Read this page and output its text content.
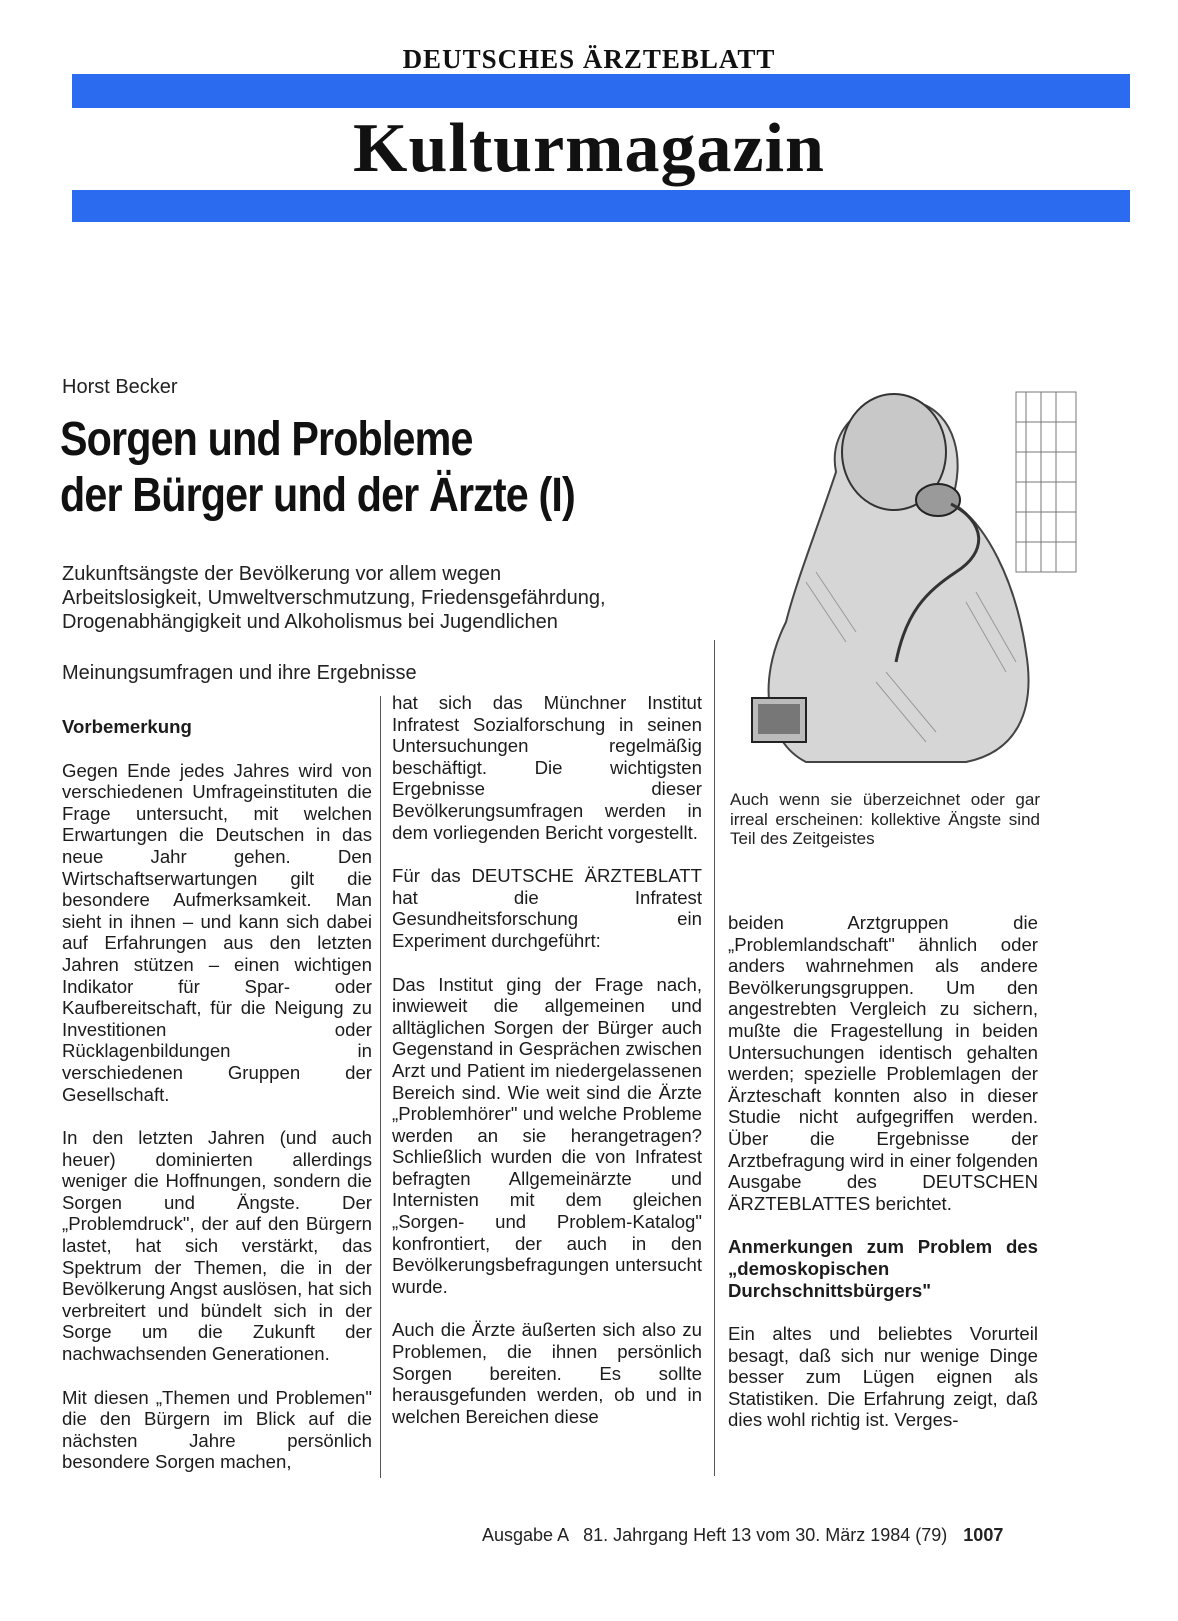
DEUTSCHES ÄRZTEBLATT
Kulturmagazin
Horst Becker
Sorgen und Probleme
der Bürger und der Ärzte (I)
Zukunftsängste der Bevölkerung vor allem wegen
Arbeitslosigkeit, Umweltverschmutzung, Friedensgefährdung,
Drogenabhängigkeit und Alkoholismus bei Jugendlichen
Meinungsumfragen und ihre Ergebnisse
Vorbemerkung

Gegen Ende jedes Jahres wird von verschiedenen Umfrageinstituten die Frage untersucht, mit welchen Erwartungen die Deutschen in das neue Jahr gehen. Den Wirtschaftserwartungen gilt die besondere Aufmerksamkeit. Man sieht in ihnen – und kann sich dabei auf Erfahrungen aus den letzten Jahren stützen – einen wichtigen Indikator für Spar- oder Kaufbereitschaft, für die Neigung zu Investitionen oder Rücklagenbildungen in verschiedenen Gruppen der Gesellschaft.

In den letzten Jahren (und auch heuer) dominierten allerdings weniger die Hoffnungen, sondern die Sorgen und Ängste. Der „Problemdruck", der auf den Bürgern lastet, hat sich verstärkt, das Spektrum der Themen, die in der Bevölkerung Angst auslösen, hat sich verbreitert und bündelt sich in der Sorge um die Zukunft der nachwachsenden Generationen.

Mit diesen „Themen und Problemen" die den Bürgern im Blick auf die nächsten Jahre persönlich besondere Sorgen machen,

hat sich das Münchner Institut Infratest Sozialforschung in seinen Untersuchungen regelmäßig beschäftigt. Die wichtigsten Ergebnisse dieser Bevölkerungsumfragen werden in dem vorliegenden Bericht vorgestellt.

Für das DEUTSCHE ÄRZTEBLATT hat die Infratest Gesundheitsforschung ein Experiment durchgeführt:

Das Institut ging der Frage nach, inwieweit die allgemeinen und alltäglichen Sorgen der Bürger auch Gegenstand in Gesprächen zwischen Arzt und Patient im niedergelassenen Bereich sind. Wie weit sind die Ärzte „Problemhörer" und welche Probleme werden an sie herangetragen? Schließlich wurden die von Infratest befragten Allgemeinärzte und Internisten mit dem gleichen „Sorgen- und Problem-Katalog" konfrontiert, der auch in den Bevölkerungsbefragungen untersucht wurde.

Auch die Ärzte äußerten sich also zu Problemen, die ihnen persönlich Sorgen bereiten. Es sollte herausgefunden werden, ob und in welchen Bereichen diese

Auch wenn sie überzeichnet oder gar irreal erscheinen: kollektive Ängste sind Teil des Zeitgeistes

beiden Arztgruppen die „Problemlandschaft" ähnlich oder anders wahrnehmen als andere Bevölkerungsgruppen. Um den angestrebten Vergleich zu sichern, mußte die Fragestellung in beiden Untersuchungen identisch gehalten werden; spezielle Problemlagen der Ärzteschaft konnten also in dieser Studie nicht aufgegriffen werden. Über die Ergebnisse der Arztbefragung wird in einer folgenden Ausgabe des DEUTSCHEN ÄRZTEBLATTES berichtet.

Anmerkungen zum Problem des „demoskopischen Durchschnittsbürgers"

Ein altes und beliebtes Vorurteil besagt, daß sich nur wenige Dinge besser zum Lügen eignen als Statistiken. Die Erfahrung zeigt, daß dies wohl richtig ist. Verges-

Ausgabe A   81. Jahrgang Heft 13 vom 30. März 1984 (79) 1007
